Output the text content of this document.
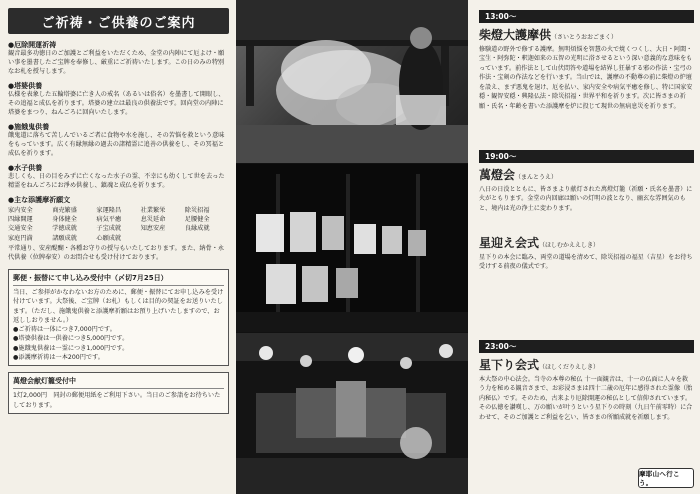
ご祈祷・ご供養のご案内
●厄除開運祈祷
観音最多功徳日のご加護とご利益をいただくため、金堂の内陣にて厄よけ・願い事を墨書したご宝牌を奉修し、厳重にご祈祷いたします。この日のみの特別なお札を授与します。
●塔婆供養
仏様を表象した五輪塔婆に亡き人の戒名（あるいは俗名）を墨書して開眼し、その追福と成仏を祈ります。塔婆の建立は最良の供養法です。回向堂の内陣に塔婆をまつり、ねんごろに回向いたします。
●施餓鬼供養
餓鬼道に落ちて苦しんでいるご者に食物や水を施し、その苦悩を救という意味をもっています。広く有縁無縁の過去の諸精霊に追善の供養をし、その冥福と成仏を祈ります。
●水子供養
悲しくも、日の目をみずに亡くなった水子の霊、不幸にも幼くして世を去った精霊をねんごろにお淨め供養し、鎮魂と成仏を祈ります。
●主な添護摩祈願文
家内安全	商売繁盛	家運隆昌	社業繁栄	除災招福
四縁開運	身体健全	病気平癒	息災延命	足腰健全
交通安全	学徳成就	子宝成就	知恵安産	良縁成就
家庭円満	諸願成就	心願成就
平常通り、安産醍醐・各種お守りの授与もいたしております。また、納骨・永代供養（位牌奉安）のお問合せも受け付けております。
郵便・振替にて申し込み受付中（〆切7月25日）
当日、ご参拝がかなわないお方のために、郵便・振替にてお申し込みを受け付けています。大祭後、ご宝牌（お札）もしくは目的の契証をお送りいたします。（ただし、施餓鬼供養と添護摩祈願はお預り上げいたしますので、お返ししおりません。）
●ご祈祷は一体につき7,000円です。
●塔婆供養は一供養につき5,000円です。
●施餓鬼供養は一霊につき1,000円です。
●添護摩祈祷は一本200円です。
萬燈会献灯籠受付中
1灯2,000円　同封の郵便用紙をご利用下さい。当日のご参詣をお待ちいたしております。
13:00～
柴燈大護摩供（さいとうおおごまく）
修験道の野外で修する護摩。無明煩悩を智慧の火で焼くつくし、大日・阿閦・宝生・阿弥陀・釈迦如来の五智の光明に浴させるという深い意義的な意味をもっています。前作法として山伏問答や道場を結界し狂暴する邪の作法・宝弓の作法・宝剣の作法などを行います。当山では、護摩の不動尊の前に柴燈の炉壇を設え、まず悪鬼を退け、厄を払い、家内安全や病気平癒を修し、特に国家安穏・観智安穏・興隆仏法・除災招福・世界平和を祈ります。次に皆さまの祈願・氏名・年齢を書いた添護摩を炉に投じて現世の無病息災を祈ります。
19:00～
萬燈会（まんとうえ）
八日の日没とともに、皆さまより献灯された萬燈灯籠（祈願・氏名を墨書）に火がともります。金堂の内回廊は願いの灯明の波となり、幽玄な雰囲気のもと、境内は光の浄土に変わります。
星迎え会式（ほしむかええしき）
星下りの本会に臨み、両堂の道場を清めて、除災招福の福星（吉星）をお待ち受けする前夜の儀式です。
23:00～
星下り会式（ほしくだりえしき）
本大祭の中心法会。当寺の本尊の秘仏 十一面観音は、十一の仏面に人々を救う力を秘める観音さまで、お彩浸さまは四十二歳の厄年に感得された霊像（胎内秘仏）です。そのため、古来より厄除開運の秘仏として信仰されています。その仏徳を讃嘆し、万の願いが叶うという星下りの時刻（九日午前零時）に合わせて、そのご加護とご利益を乞い、皆さまの所願成就を祈願します。
摩耶山へ行こう。
